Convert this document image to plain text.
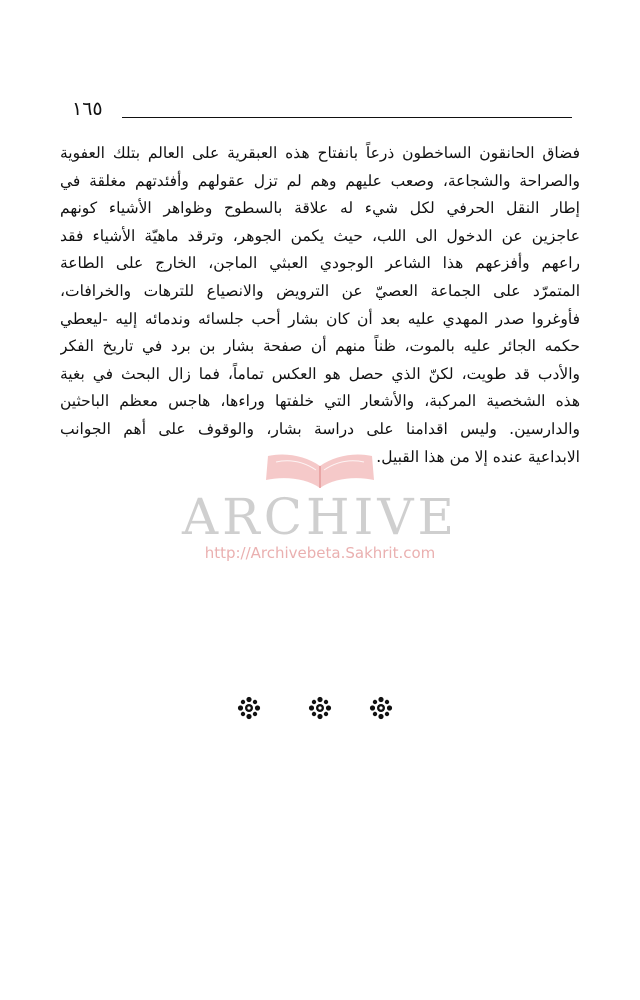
١٦٥
فضاق الحانقون الساخطون ذرعاً بانفتاح هذه العبقرية على العالم بتلك العفوية
والصراحة والشجاعة، وصعب عليهم وهم لم تزل عقولهم وأفئدتهم مغلقة في
إطار النقل الحرفي لكل شيء له علاقة بالسطوح وظواهر الأشياء كونهم
عاجزين عن الدخول الى اللب، حيث يكمن الجوهر، وترقد ماهيّة الأشياء فقد
راعهم وأفزعهم هذا الشاعر الوجودي العبثي الماجن، الخارج على الطاعة
المتمرّد على الجماعة العصيّ عن الترويض والانصياع للترهات والخرافات،
فأوغروا صدر المهدي عليه بعد أن كان بشار أحب جلسائه وندمائه إليه -ليعطي
حكمه الجائر عليه بالموت، ظناً منهم أن صفحة بشار بن برد في تاريخ الفكر
والأدب قد طويت، لكنّ الذي حصل هو العكس تماماً، فما زال البحث في بغية
هذه الشخصية المركبة، والأشعار التي خلفتها وراءها، هاجس معظم الباحثين
والدارسين. وليس اقدامنا على دراسة بشار، والوقوف على أهم الجوانب
الابداعية عنده إلا من هذا القبيل.
ARCHIVE
http://Archivebeta.Sakhrit.com
